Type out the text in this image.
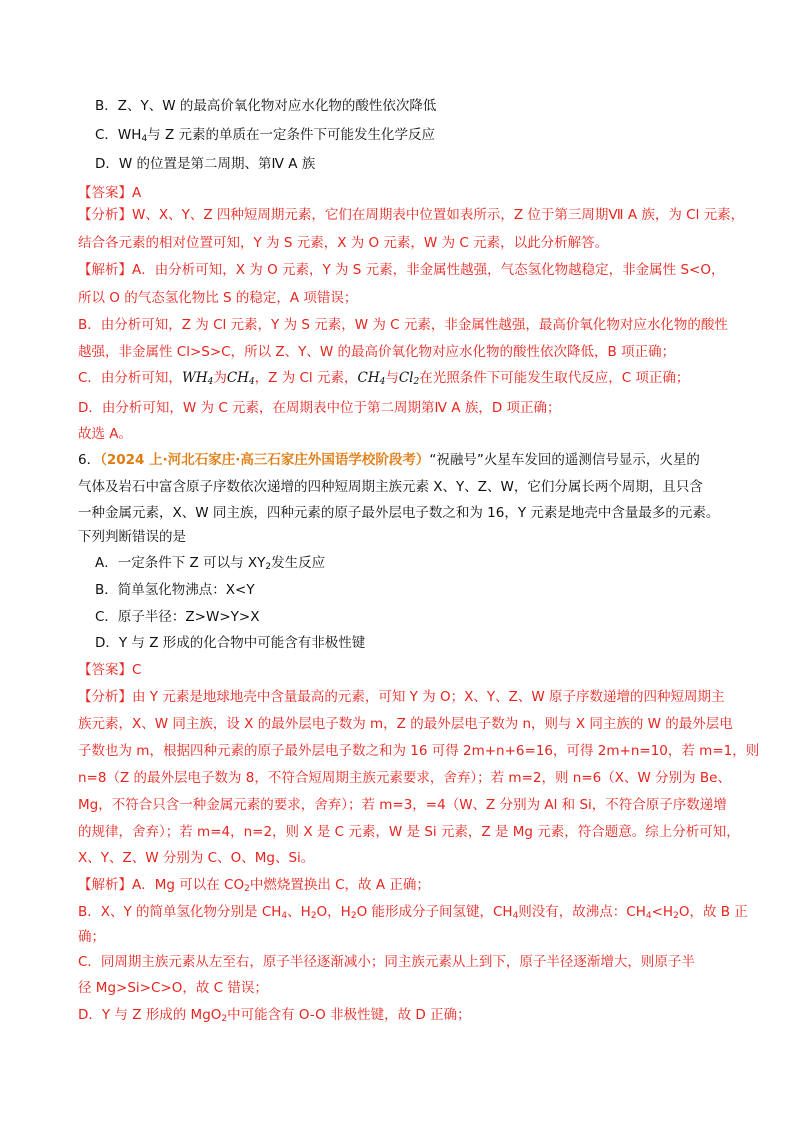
B．Z、Y、W 的最高价氧化物对应水化物的酸性依次降低
C．$WH_4$与 Z 元素的单质在一定条件下可能发生化学反应
D．W 的位置是第二周期、第Ⅳ A 族
【答案】A
【分析】W、X、Y、Z 四种短周期元素，它们在周期表中位置如表所示，Z 位于第三周期Ⅶ A 族，为 Cl 元素，
结合各元素的相对位置可知，Y 为 S 元素，X 为 O 元素，W 为 C 元素，以此分析解答。
【解析】A．由分析可知，X 为 O 元素，Y 为 S 元素，非金属性越强，气态氢化物越稳定，非金属性 S<O，
所以 O 的气态氢化物比 S 的稳定，A 项错误；
B．由分析可知，Z 为 Cl 元素，Y 为 S 元素，W 为 C 元素，非金属性越强，最高价氧化物对应水化物的酸性
越强，非金属性 Cl>S>C，所以 Z、Y、W 的最高价氧化物对应水化物的酸性依次降低，B 项正确；
C．由分析可知，$WH_4$为$CH_4$，Z 为 Cl 元素，$CH_4$与$Cl_2$在光照条件下可能发生取代反应，C 项正确；
D．由分析可知，W 为 C 元素，在周期表中位于第二周期第Ⅳ A 族，D 项正确；
故选 A。
6．（2024 上·河北石家庄·高三石家庄外国语学校阶段考）“祝融号”火星车发回的遥测信号显示，火星的
气体及岩石中富含原子序数依次递增的四种短周期主族元素 X、Y、Z、W，它们分属长两个周期，且只含
一种金属元素，X、W 同主族，四种元素的原子最外层电子数之和为 16，Y 元素是地壳中含量最多的元素。
下列判断错误的是
A．一定条件下 Z 可以与 $XY_2$发生反应
B．简单氢化物沸点：X<Y
C．原子半径：Z>W>Y>X
D．Y 与 Z 形成的化合物中可能含有非极性键
【答案】C
【分析】由 Y 元素是地球地壳中含量最高的元素，可知 Y 为 O；X、Y、Z、W 原子序数递增的四种短周期主
族元素，X、W 同主族，设 X 的最外层电子数为 m，Z 的最外层电子数为 n，则与 X 同主族的 W 的最外层电
子数也为 m，根据四种元素的原子最外层电子数之和为 16 可得 2m+n+6=16，可得 2m+n=10，若 m=1，则
n=8（Z 的最外层电子数为 8，不符合短周期主族元素要求，舍弃）；若 m=2，则 n=6（X、W 分别为 Be、
Mg，不符合只含一种金属元素的要求，舍弃）；若 m=3，=4（W、Z 分别为 Al 和 Si，不符合原子序数递增
的规律，舍弃）；若 m=4，n=2，则 X 是 C 元素，W 是 Si 元素，Z 是 Mg 元素，符合题意。综上分析可知，
X、Y、Z、W 分别为 C、O、Mg、Si。
【解析】A．Mg 可以在 $CO_2$中燃烧置换出 C，故 A 正确；
B．X、Y 的简单氢化物分别是 $CH_4$、$H_2O$，$H_2O$ 能形成分子间氢键，$CH_4$则没有，故沸点：$CH_4<H_2O$，故 B 正
确；
C．同周期主族元素从左至右，原子半径逐渐减小；同主族元素从上到下，原子半径逐渐增大，则原子半
径 Mg>Si>C>O，故 C 错误；
D．Y 与 Z 形成的 MgO$_2$中可能含有 O-O 非极性键，故 D 正确；
